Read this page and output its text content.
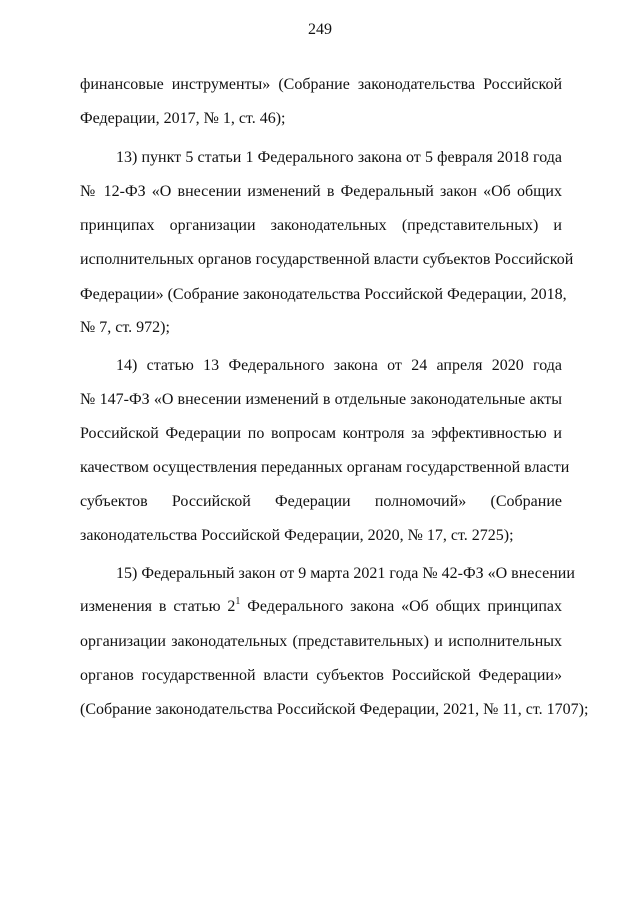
249
финансовые инструменты» (Собрание законодательства Российской
Федерации, 2017, № 1, ст. 46);
13) пункт 5 статьи 1 Федерального закона от 5 февраля 2018 года
№ 12-ФЗ «О внесении изменений в Федеральный закон «Об общих
принципах организации законодательных (представительных) и
исполнительных органов государственной власти субъектов Российской
Федерации» (Собрание законодательства Российской Федерации, 2018,
№ 7, ст. 972);
14) статью 13 Федерального закона от 24 апреля 2020 года
№ 147-ФЗ «О внесении изменений в отдельные законодательные акты
Российской Федерации по вопросам контроля за эффективностью и
качеством осуществления переданных органам государственной власти
субъектов Российской Федерации полномочий» (Собрание
законодательства Российской Федерации, 2020, № 17, ст. 2725);
15) Федеральный закон от 9 марта 2021 года № 42-ФЗ «О внесении
изменения в статью $2^1$ Федерального закона «Об общих принципах
организации законодательных (представительных) и исполнительных
органов государственной власти субъектов Российской Федерации»
(Собрание законодательства Российской Федерации, 2021, № 11, ст. 1707);
